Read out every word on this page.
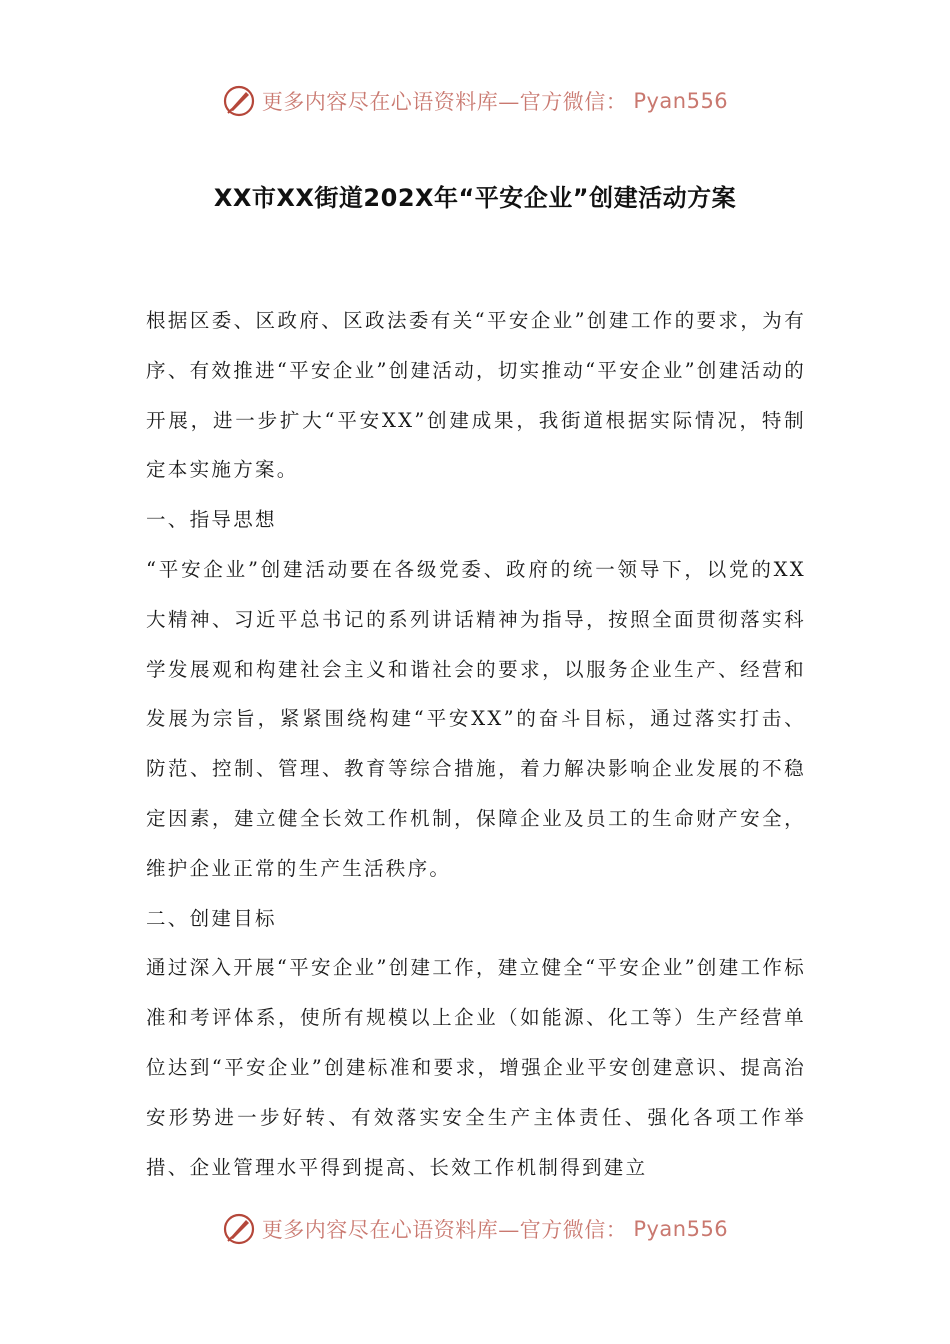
更多内容尽在心语资料库—官方微信： Pyan556
XX市XX街道202X年“平安企业”创建活动方案

根据区委、区政府、区政法委有关“平安企业”创建工作的要求，为有序、有效推进“平安企业”创建活动，切实推动“平安企业”创建活动的开展，进一步扩大“平安XX”创建成果，我街道根据实际情况，特制定本实施方案。

一、指导思想

“平安企业”创建活动要在各级党委、政府的统一领导下，以党的XX大精神、习近平总书记的系列讲话精神为指导，按照全面贯彻落实科学发展观和构建社会主义和谐社会的要求，以服务企业生产、经营和发展为宗旨，紧紧围绕构建“平安XX”的奋斗目标，通过落实打击、防范、控制、管理、教育等综合措施，着力解决影响企业发展的不稳定因素，建立健全长效工作机制，保障企业及员工的生命财产安全，维护企业正常的生产生活秩序。

二、创建目标

通过深入开展“平安企业”创建工作，建立健全“平安企业”创建工作标准和考评体系，使所有规模以上企业（如能源、化工等）生产经营单位达到“平安企业”创建标准和要求，增强企业平安创建意识、提高治安形势进一步好转、有效落实安全生产主体责任、强化各项工作举措、企业管理水平得到提高、长效工作机制得到建立

更多内容尽在心语资料库—官方微信： Pyan556
